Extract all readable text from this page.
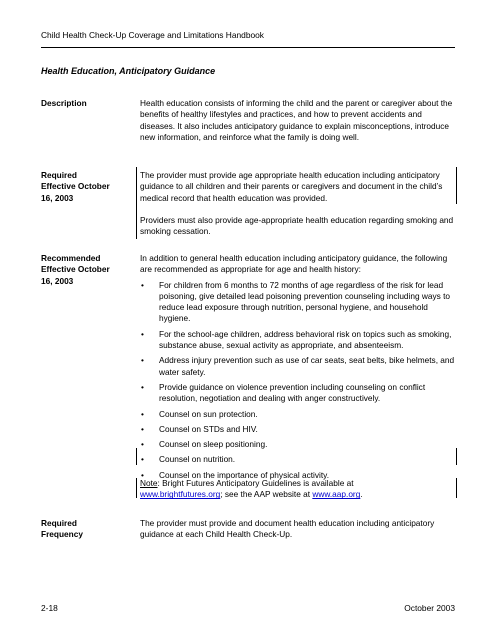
Child Health Check-Up Coverage and Limitations Handbook
Health Education, Anticipatory Guidance
Description	Health education consists of informing the child and the parent or caregiver about the benefits of healthy lifestyles and practices, and how to prevent accidents and diseases. It also includes anticipatory guidance to explain misconceptions, introduce new information, and reinforce what the family is doing well.

Required
Effective October
16, 2003

The provider must provide age appropriate health education including anticipatory guidance to all children and their parents or caregivers and document in the child’s medical record that health education was provided.

Providers must also provide age-appropriate health education regarding smoking and smoking cessation.

Recommended
Effective October
16, 2003

In addition to general health education including anticipatory guidance, the following are recommended as appropriate for age and health history:

• For children from 6 months to 72 months of age regardless of the risk for lead poisoning, give detailed lead poisoning prevention counseling including ways to reduce lead exposure through nutrition, personal hygiene, and household hygiene.
• For the school-age children, address behavioral risk on topics such as smoking, substance abuse, sexual activity as appropriate, and absenteeism.
• Address injury prevention such as use of car seats, seat belts, bike helmets, and water safety.
• Provide guidance on violence prevention including counseling on conflict resolution, negotiation and dealing with anger constructively.
• Counsel on sun protection.
• Counsel on STDs and HIV.
• Counsel on sleep positioning.
• Counsel on nutrition.
• Counsel on the importance of physical activity.
Note: Bright Futures Anticipatory Guidelines is available at
www.brightfutures.org; see the AAP website at www.aap.org.
Required
Frequency

The provider must provide and document health education including anticipatory guidance at each Child Health Check-Up.

2-18	October 2003
